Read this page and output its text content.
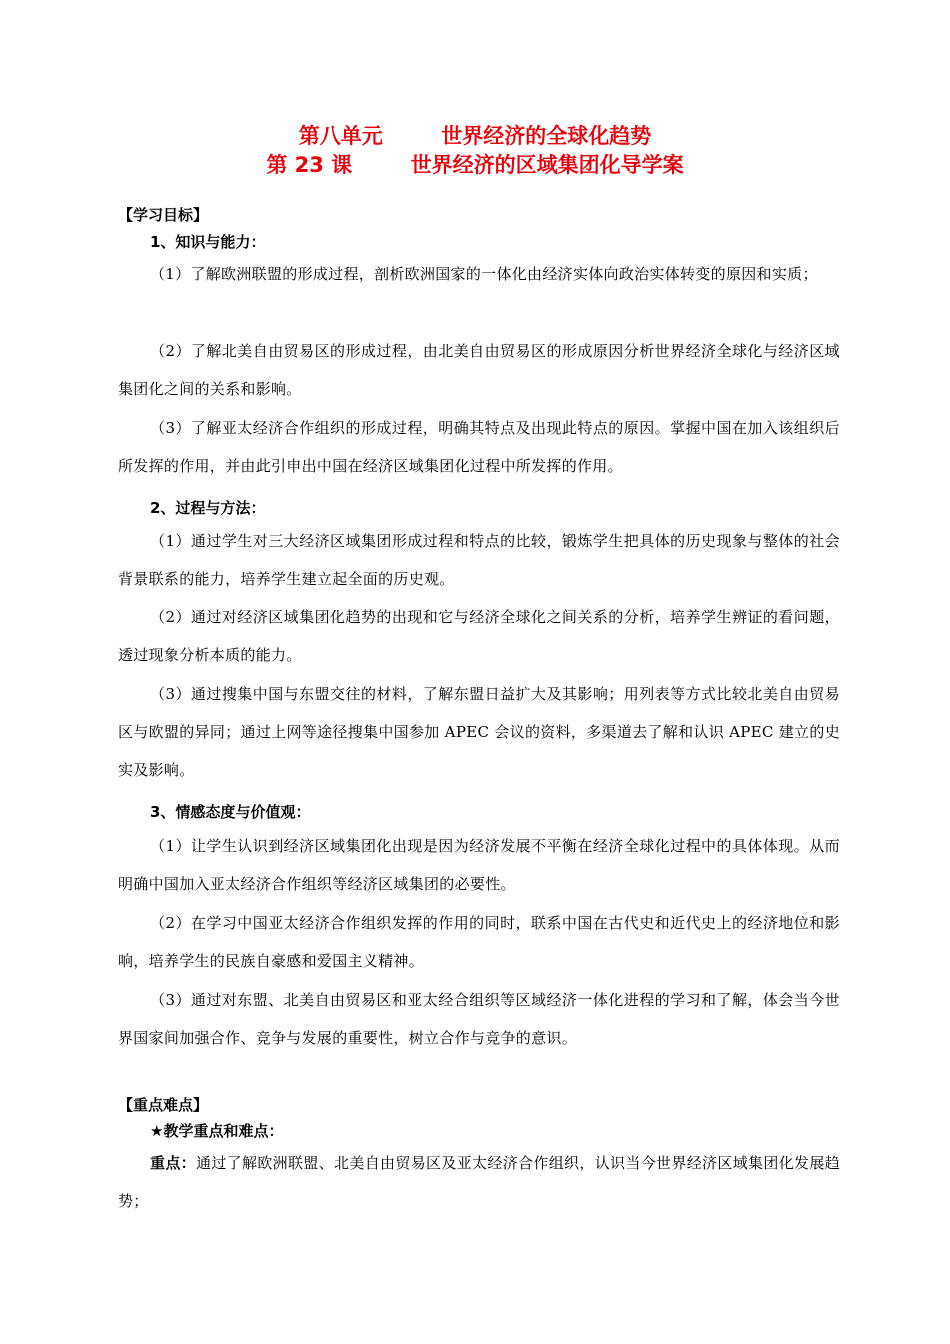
第八单元        世界经济的全球化趋势
第 23 课        世界经济的区域集团化导学案
【学习目标】
1、知识与能力：
（1）了解欧洲联盟的形成过程，剖析欧洲国家的一体化由经济实体向政治实体转变的原因和实质；
（2）了解北美自由贸易区的形成过程，由北美自由贸易区的形成原因分析世界经济全球化与经济区域集团化之间的关系和影响。
（3）了解亚太经济合作组织的形成过程，明确其特点及出现此特点的原因。掌握中国在加入该组织后所发挥的作用，并由此引申出中国在经济区域集团化过程中所发挥的作用。
2、过程与方法：
（1）通过学生对三大经济区域集团形成过程和特点的比较，锻炼学生把具体的历史现象与整体的社会背景联系的能力，培养学生建立起全面的历史观。
（2）通过对经济区域集团化趋势的出现和它与经济全球化之间关系的分析，培养学生辨证的看问题，透过现象分析本质的能力。
（3）通过搜集中国与东盟交往的材料，了解东盟日益扩大及其影响；用列表等方式比较北美自由贸易区与欧盟的异同；通过上网等途径搜集中国参加 APEC 会议的资料，多渠道去了解和认识 APEC 建立的史实及影响。
3、情感态度与价值观：
（1）让学生认识到经济区域集团化出现是因为经济发展不平衡在经济全球化过程中的具体体现。从而明确中国加入亚太经济合作组织等经济区域集团的必要性。
（2）在学习中国亚太经济合作组织发挥的作用的同时，联系中国在古代史和近代史上的经济地位和影响，培养学生的民族自豪感和爱国主义精神。
（3）通过对东盟、北美自由贸易区和亚太经合组织等区域经济一体化进程的学习和了解，体会当今世界国家间加强合作、竞争与发展的重要性，树立合作与竞争的意识。
【重点难点】
★教学重点和难点：
重点：通过了解欧洲联盟、北美自由贸易区及亚太经济合作组织，认识当今世界经济区域集团化发展趋势；
